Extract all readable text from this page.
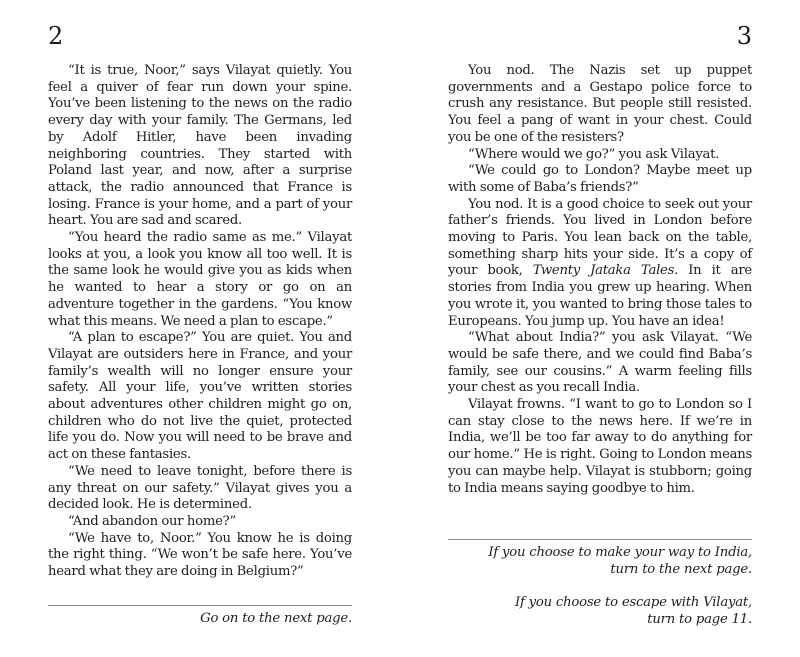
2

“It is true, Noor,” says Vilayat quietly. You feel a quiver of fear run down your spine. You’ve been listening to the news on the radio every day with your family. The Germans, led by Adolf Hitler, have been invading neighboring countries. They started with Poland last year, and now, after a surprise attack, the radio announced that France is losing. France is your home, and a part of your heart. You are sad and scared.

“You heard the radio same as me.” Vilayat looks at you, a look you know all too well. It is the same look he would give you as kids when he wanted to hear a story or go on an adventure together in the gardens. “You know what this means. We need a plan to escape.”

“A plan to escape?” You are quiet. You and Vilayat are outsiders here in France, and your family’s wealth will no longer ensure your safety. All your life, you’ve written stories about adventures other children might go on, children who do not live the quiet, protected life you do. Now you will need to be brave and act on these fantasies.

“We need to leave tonight, before there is any threat on our safety.” Vilayat gives you a decided look. He is determined.

“And abandon our home?”

“We have to, Noor.” You know he is doing the right thing. “We won’t be safe here. You’ve heard what they are doing in Belgium?”

Go on to the next page.
3

You nod. The Nazis set up puppet governments and a Gestapo police force to crush any resistance. But people still resisted. You feel a pang of want in your chest. Could you be one of the resisters?

“Where would we go?” you ask Vilayat.

“We could go to London? Maybe meet up with some of Baba’s friends?”

You nod. It is a good choice to seek out your father’s friends. You lived in London before moving to Paris. You lean back on the table, something sharp hits your side. It’s a copy of your book, Twenty Jataka Tales. In it are stories from India you grew up hearing. When you wrote it, you wanted to bring those tales to Europeans. You jump up. You have an idea!

“What about India?” you ask Vilayat. “We would be safe there, and we could find Baba’s family, see our cousins.” A warm feeling fills your chest as you recall India.

Vilayat frowns. “I want to go to London so I can stay close to the news here. If we’re in India, we’ll be too far away to do anything for our home.” He is right. Going to London means you can maybe help. Vilayat is stubborn; going to India means saying goodbye to him.

If you choose to make your way to India,
turn to the next page.
If you choose to escape with Vilayat,
turn to page 11.
